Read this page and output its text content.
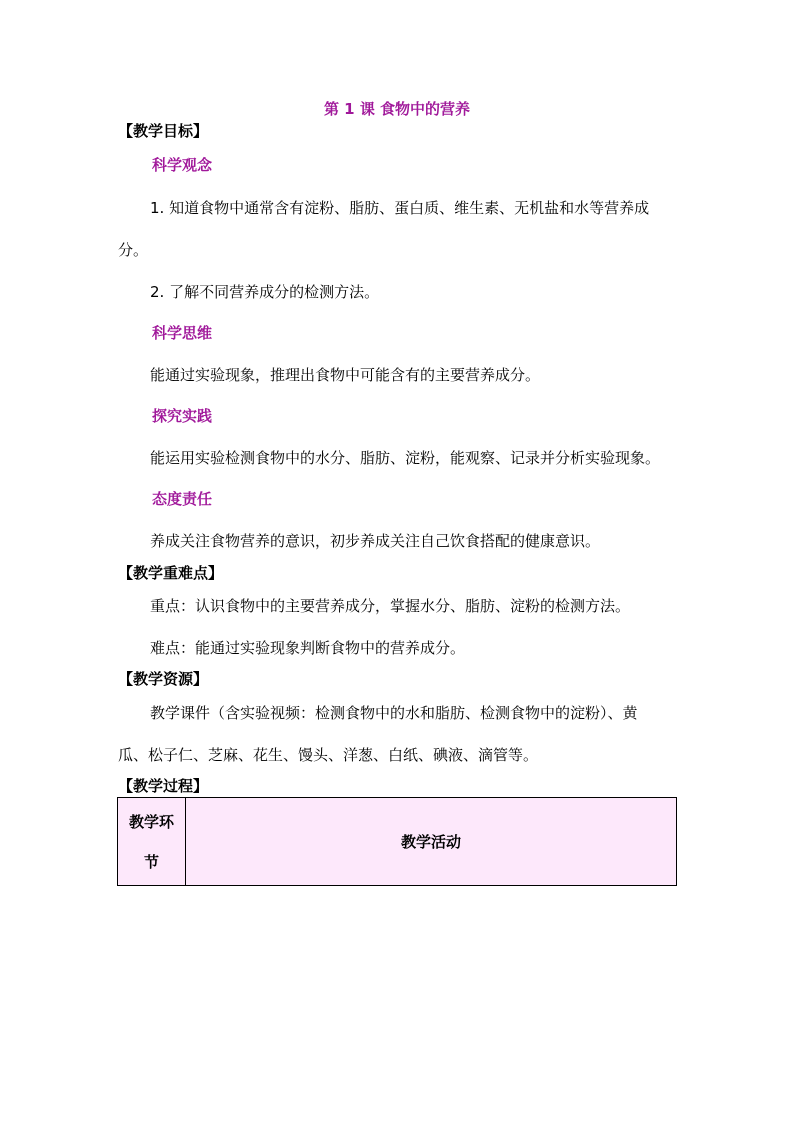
第 1 课 食物中的营养
【教学目标】
科学观念
1. 知道食物中通常含有淀粉、脂肪、蛋白质、维生素、无机盐和水等营养成
分。
2. 了解不同营养成分的检测方法。
科学思维
能通过实验现象，推理出食物中可能含有的主要营养成分。
探究实践
能运用实验检测食物中的水分、脂肪、淀粉，能观察、记录并分析实验现象。
态度责任
养成关注食物营养的意识，初步养成关注自己饮食搭配的健康意识。
【教学重难点】
重点：认识食物中的主要营养成分，掌握水分、脂肪、淀粉的检测方法。
难点：能通过实验现象判断食物中的营养成分。
【教学资源】
教学课件（含实验视频：检测食物中的水和脂肪、检测食物中的淀粉）、黄
瓜、松子仁、芝麻、花生、馒头、洋葱、白纸、碘液、滴管等。
【教学过程】
教学环
节
	教学活动
